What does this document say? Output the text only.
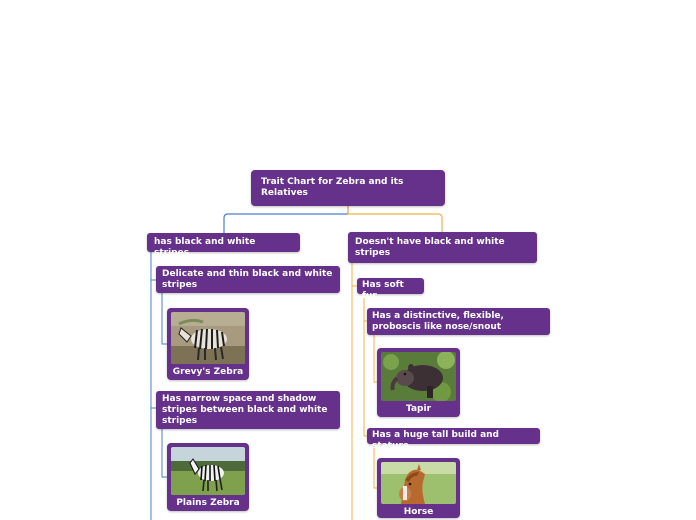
Trait Chart for Zebra and its Relatives
has black and white stripes
Delicate and thin black and white stripes
Grevy's Zebra
Has narrow space and shadow stripes between black and white stripes
Plains Zebra
Doesn't have black and white stripes
Has soft fur
Has a distinctive, flexible, proboscis like nose/snout
Tapir
Has a huge tall build and stature
Horse
